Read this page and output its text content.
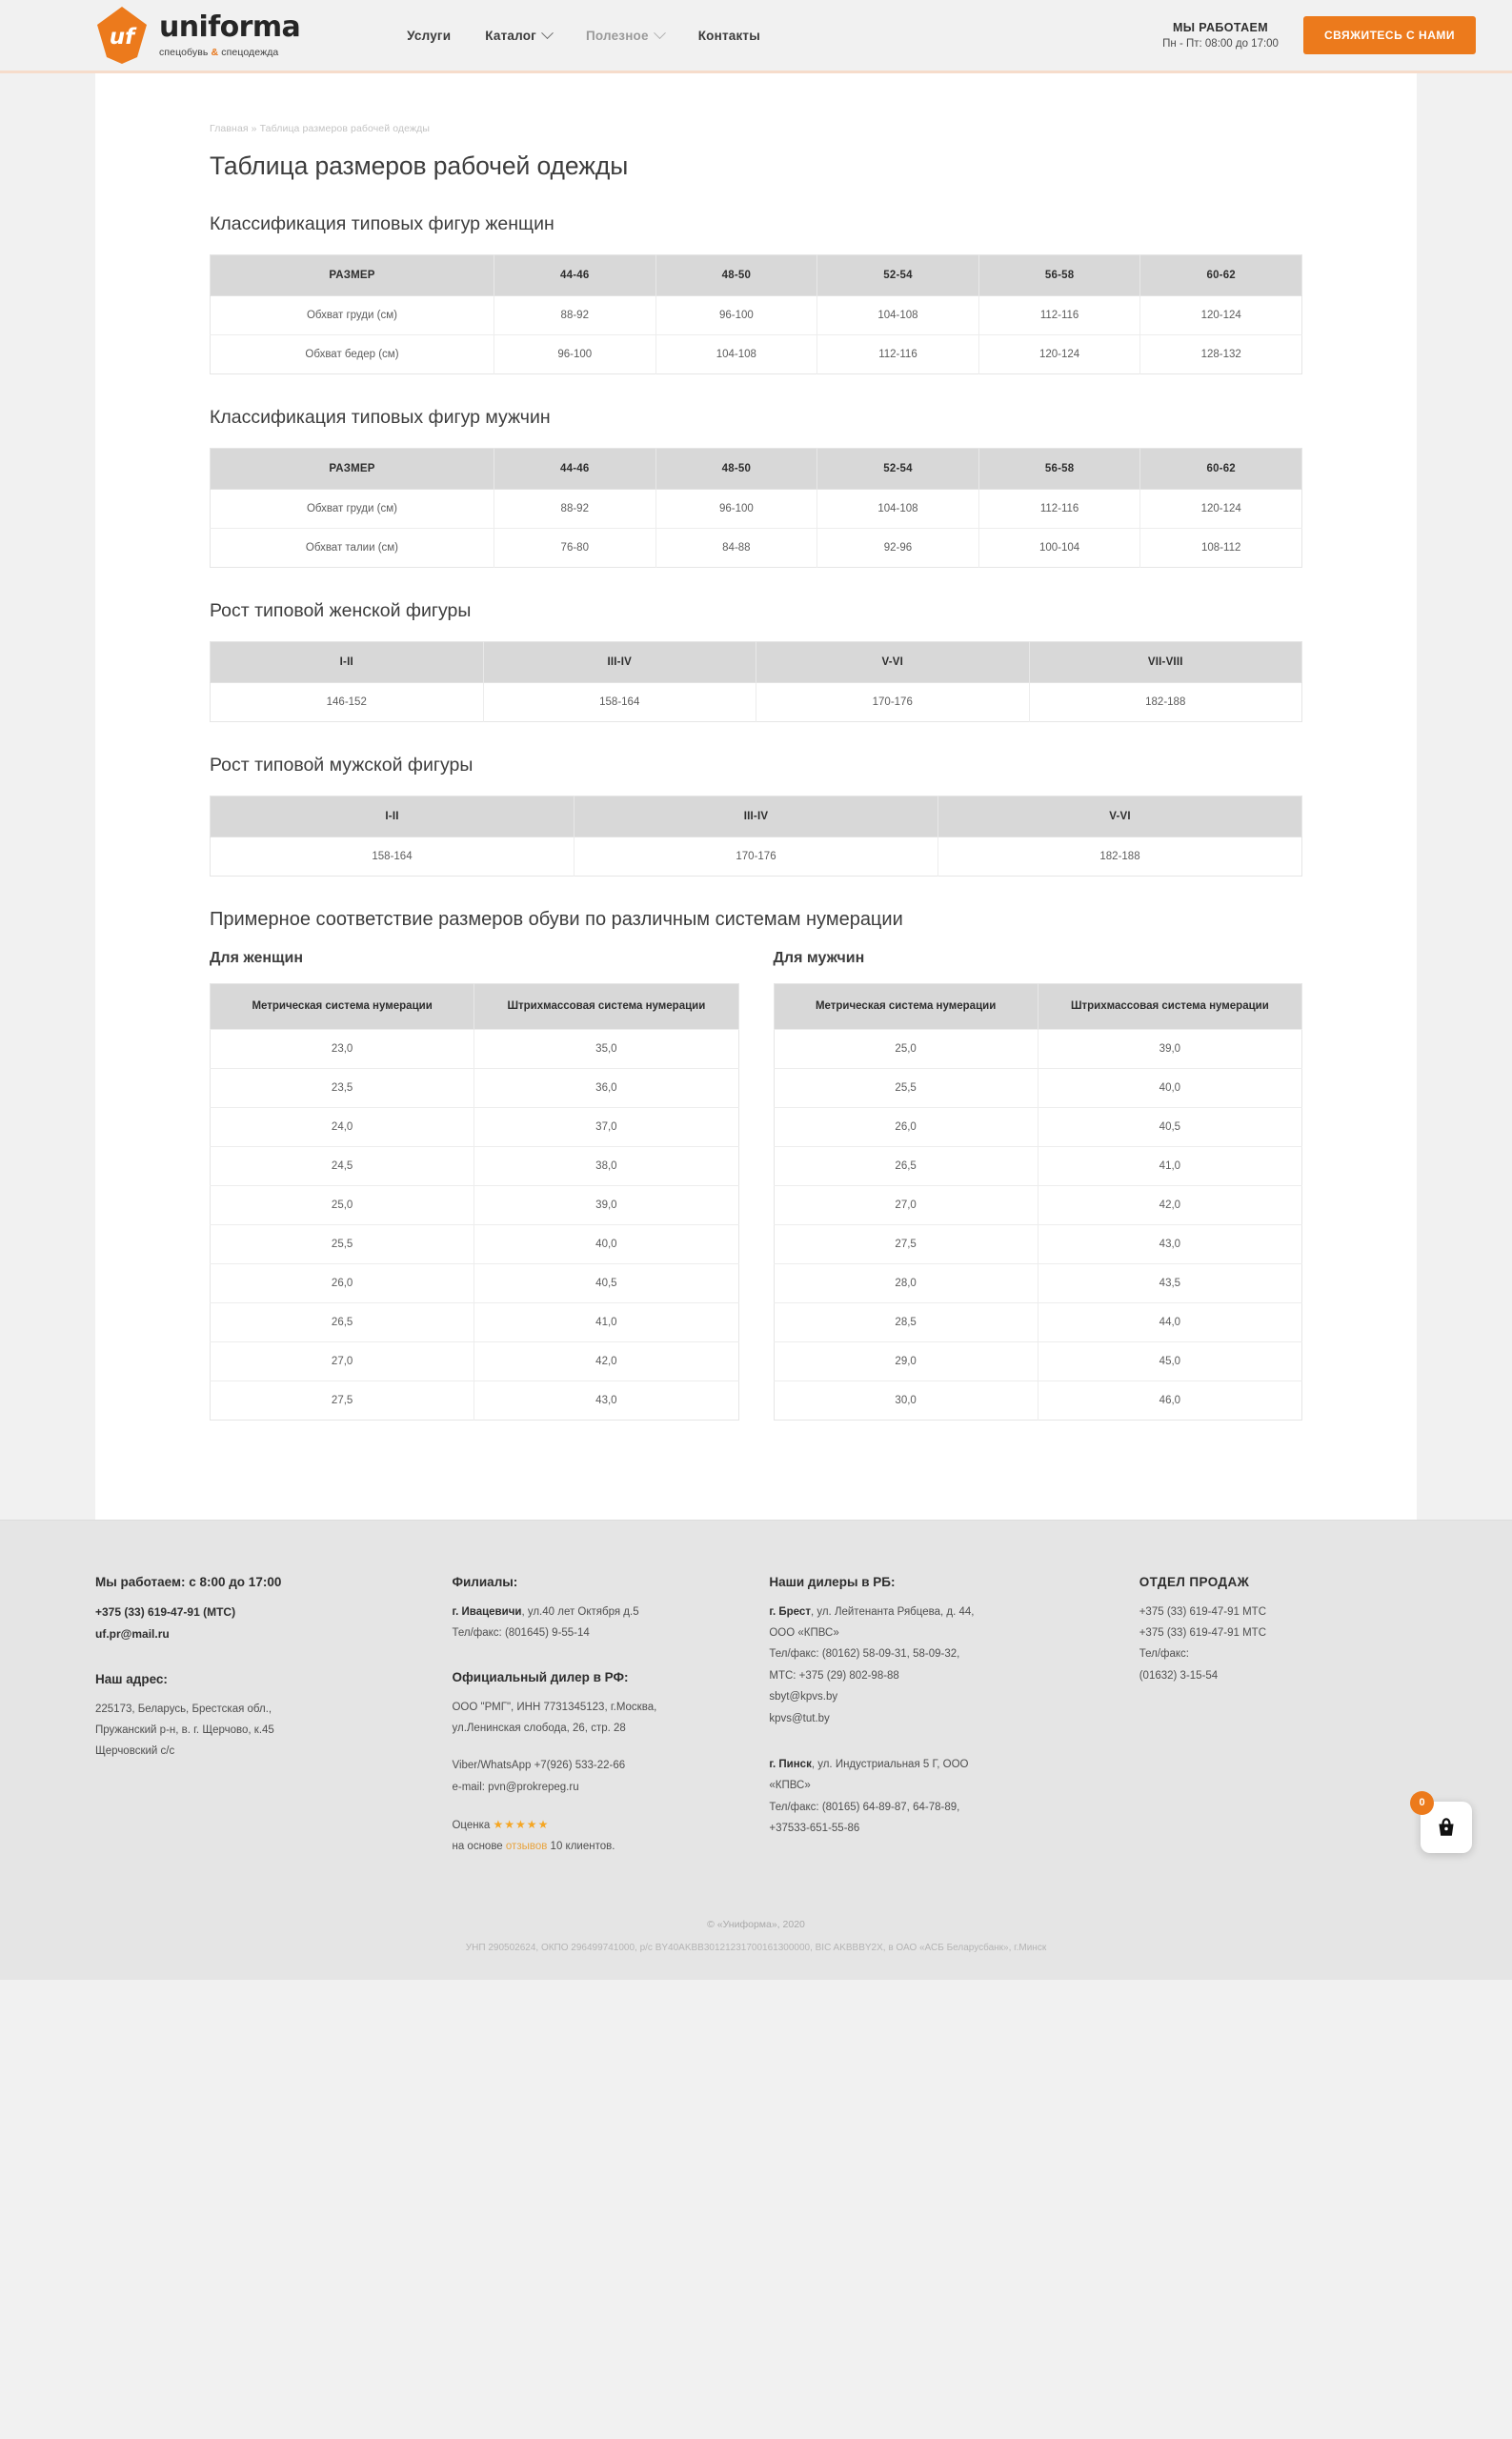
uf uniforma
спецобувь & спецодежда
Услуги	Каталог	Полезное	Контакты
МЫ РАБОТАЕМ
Пн - Пт: 08:00 до 17:00
СВЯЖИТЕСЬ С НАМИ
Главная » Таблица размеров рабочей одежды
Таблица размеров рабочей одежды
Классификация типовых фигур женщин
РАЗМЕР	44-46	48-50	52-54	56-58	60-62
Обхват груди (см)	88-92	96-100	104-108	112-116	120-124
Обхват бедер (см)	96-100	104-108	112-116	120-124	128-132
Классификация типовых фигур мужчин
РАЗМЕР	44-46	48-50	52-54	56-58	60-62
Обхват груди (см)	88-92	96-100	104-108	112-116	120-124
Обхват талии (см)	76-80	84-88	92-96	100-104	108-112
Рост типовой женской фигуры
I-II	III-IV	V-VI	VII-VIII
146-152	158-164	170-176	182-188
Рост типовой мужской фигуры
I-II	III-IV	V-VI
158-164	170-176	182-188
Примерное соответствие размеров обуви по различным системам нумерации
Для женщин
Метрическая система нумерации	Штрихмассовая система нумерации
23,0	35,0
23,5	36,0
24,0	37,0
24,5	38,0
25,0	39,0
25,5	40,0
26,0	40,5
26,5	41,0
27,0	42,0
27,5	43,0
Для мужчин
Метрическая система нумерации	Штрихмассовая система нумерации
25,0	39,0
25,5	40,0
26,0	40,5
26,5	41,0
27,0	42,0
27,5	43,0
28,0	43,5
28,5	44,0
29,0	45,0
30,0	46,0
Мы работаем: с 8:00 до 17:00
+375 (33) 619-47-91 (МТС)
uf.pr@mail.ru
Наш адрес:
225173, Беларусь, Брестская обл.,
Пружанский р-н, в. г. Щерчово, к.45
Щерчовский с/с
Филиалы:
г. Ивацевичи, ул.40 лет Октября д.5
Тел/факс: (801645) 9-55-14
Официальный дилер в РФ:
ООО "РМГ", ИНН 7731345123, г.Москва,
ул.Ленинская слобода, 26, стр. 28
Viber/WhatsApp +7(926) 533-22-66
e-mail: pvn@prokrepeg.ru
Оценка ★★★★★
на основе отзывов 10 клиентов.
Наши дилеры в РБ:
г. Брест, ул. Лейтенанта Рябцева, д. 44,
ООО «КПВС»
Тел/факс: (80162) 58-09-31, 58-09-32,
МТС: +375 (29) 802-98-88
sbyt@kpvs.by
kpvs@tut.by
г. Пинск, ул. Индустриальная 5 Г, ООО
«КПВС»
Тел/факс: (80165) 64-89-87, 64-78-89,
+37533-651-55-86
ОТДЕЛ ПРОДАЖ
+375 (33) 619-47-91 МТС
+375 (33) 619-47-91 МТС
Тел/факс:
(01632) 3-15-54
© «Униформа», 2020
УНП 290502624, ОКПО 296499741000, р/с BY40AKBB30121231700161300000, BIC AKBBBY2X, в ОАО «АСБ Беларусбанк», г.Минск
0
